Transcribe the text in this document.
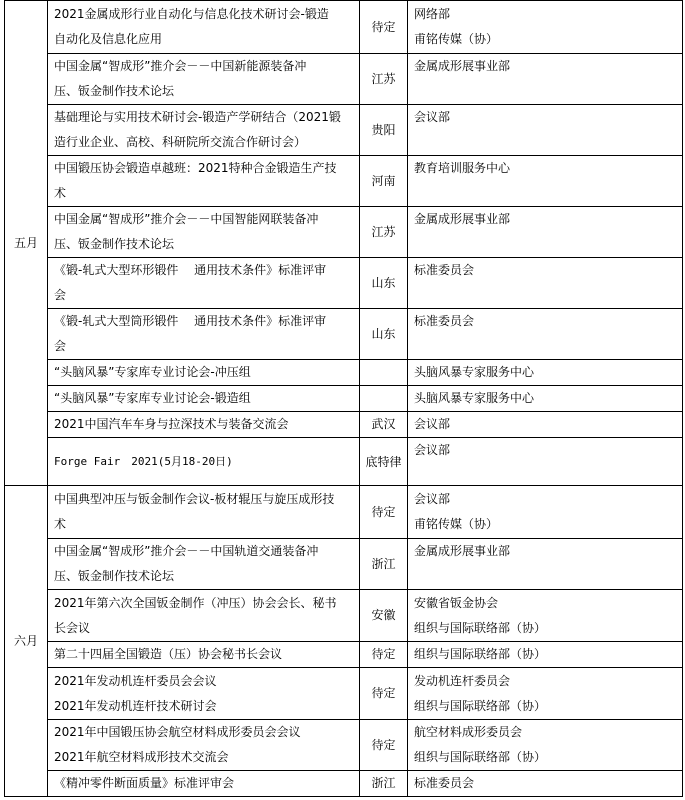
五月	2021金属成形行业自动化与信息化技术研讨会-锻造
自动化及信息化应用	待定	网络部
甫铭传媒（协）

	中国金属“智成形”推介会－－中国新能源装备冲
压、钣金制作技术论坛	江苏	金属成形展事业部

	基础理论与实用技术研讨会-锻造产学研结合（2021锻
造行业企业、高校、科研院所交流合作研讨会）	贵阳	会议部

	中国锻压协会锻造卓越班：2021特种合金锻造生产技
术	河南	教育培训服务中心

	中国金属“智成形”推介会－－中国智能网联装备冲
压、钣金制作技术论坛	江苏	金属成形展事业部

	《锻-轧式大型环形锻件　 通用技术条件》标准评审
会	山东	标准委员会

	《锻-轧式大型筒形锻件　 通用技术条件》标准评审
会	山东	标准委员会

	“头脑风暴”专家库专业讨论会-冲压组		头脑风暴专家服务中心

	“头脑风暴”专家库专业讨论会-锻造组		头脑风暴专家服务中心

	2021中国汽车车身与拉深技术与装备交流会	武汉	会议部

	Forge Fair　2021(5月18-20日)	底特律	会议部

六月	中国典型冲压与钣金制作会议-板材辊压与旋压成形技
术	待定	会议部
甫铭传媒（协）

	中国金属“智成形”推介会－－中国轨道交通装备冲
压、钣金制作技术论坛	浙江	金属成形展事业部

	2021年第六次全国钣金制作（冲压）协会会长、秘书
长会议	安徽	安徽省钣金协会
组织与国际联络部（协）

	第二十四届全国锻造（压）协会秘书长会议	待定	组织与国际联络部（协）

	2021年发动机连杆委员会会议
2021年发动机连杆技术研讨会	待定	发动机连杆委员会
组织与国际联络部（协）

	2021年中国锻压协会航空材料成形委员会会议
2021年航空材料成形技术交流会	待定	航空材料成形委员会
组织与国际联络部（协）

	《精冲零件断面质量》标准评审会	浙江	标准委员会
